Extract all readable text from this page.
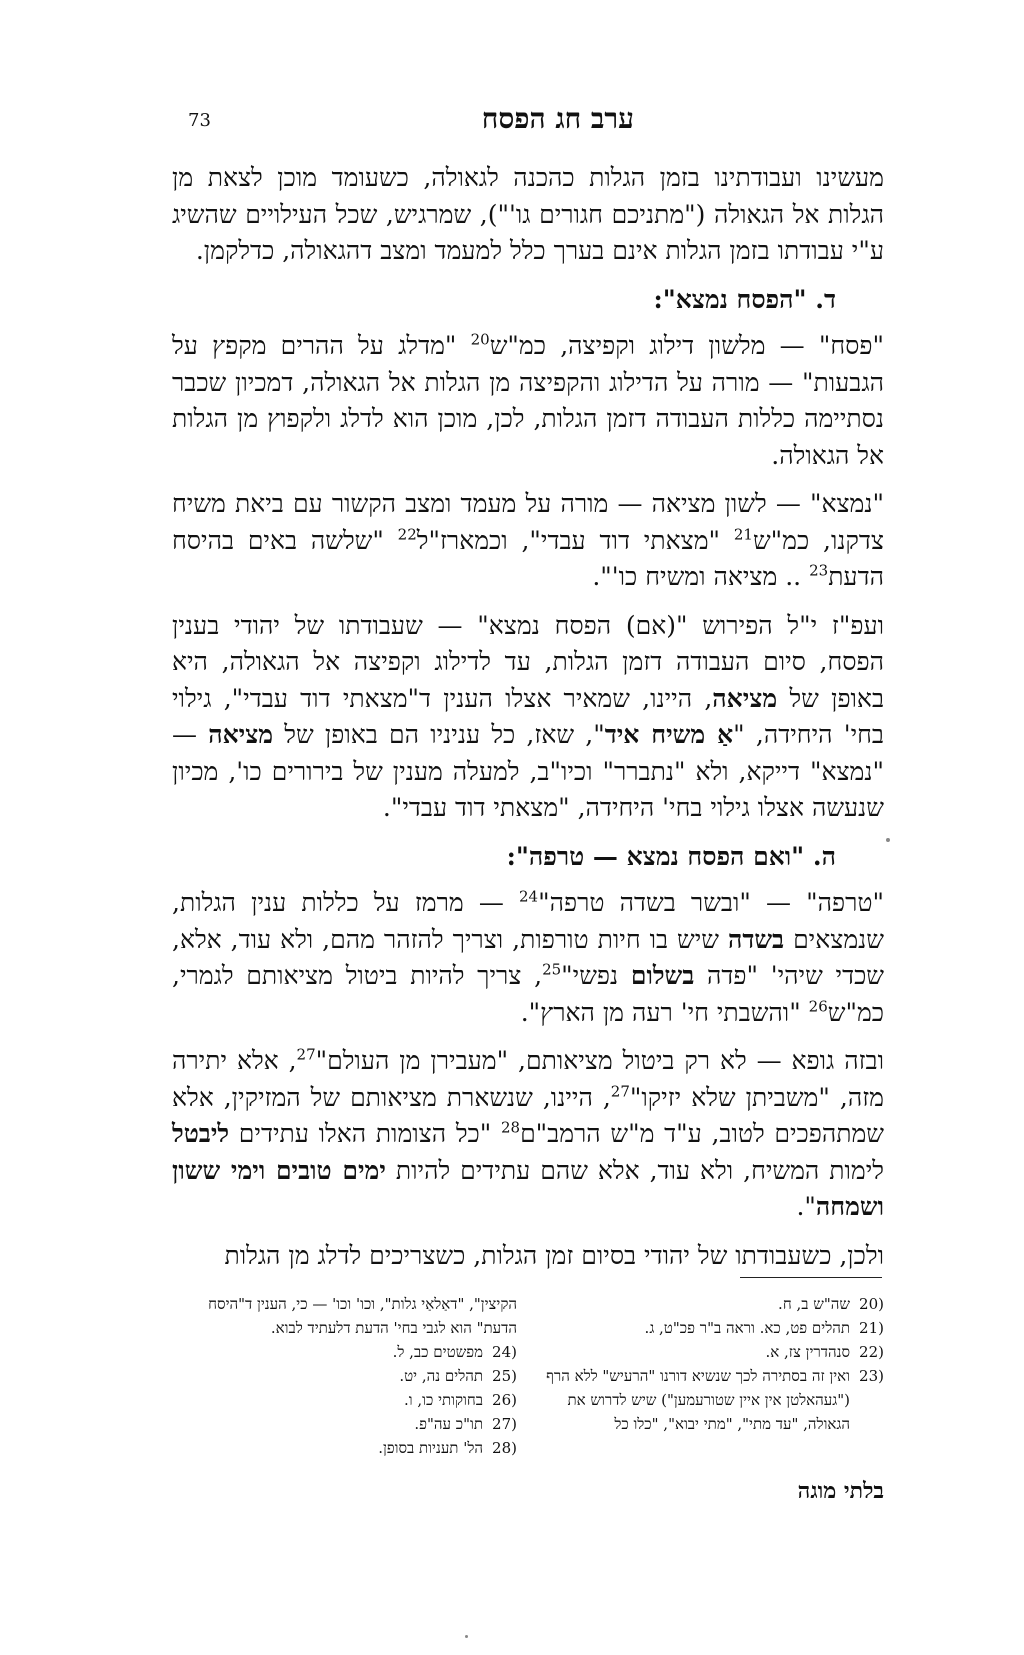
73	ערב חג הפסח

מעשינו ועבודתינו בזמן הגלות כהכנה לגאולה, כשעומד מוכן לצאת מן הגלות אל הגאולה ("מתניכם חגורים גו'"), שמרגיש, שכל העילויים שהשיג ע"י עבודתו בזמן הגלות אינם בערך כלל למעמד ומצב דהגאולה, כדלקמן.

ד. "הפסח נמצא":

"פסח" — מלשון דילוג וקפיצה, כמ"ש$^{20}$ "מדלג על ההרים מקפץ על הגבעות" — מורה על הדילוג והקפיצה מן הגלות אל הגאולה, דמכיון שכבר נסתיימה כללות העבודה דזמן הגלות, לכן, מוכן הוא לדלג ולקפוץ מן הגלות אל הגאולה.

"נמצא" — לשון מציאה — מורה על מעמד ומצב הקשור עם ביאת משיח צדקנו, כמ"ש$^{21}$ "מצאתי דוד עבדי", וכמארז"ל$^{22}$ "שלשה באים בהיסח הדעת$^{23}$ .. מציאה ומשיח כו'".

ועפ"ז י"ל הפירוש "(אם) הפסח נמצא" — שעבודתו של יהודי בענין הפסח, סיום העבודה דזמן הגלות, עד לדילוג וקפיצה אל הגאולה, היא באופן של מציאה, היינו, שמאיר אצלו הענין ד"מצאתי דוד עבדי", גילוי בחי' היחידה, "אַ משיח איד", שאז, כל עניניו הם באופן של מציאה — "נמצא" דייקא, ולא "נתברר" וכיו"ב, למעלה מענין של בירורים כו', מכיון שנעשה אצלו גילוי בחי' היחידה, "מצאתי דוד עבדי".

ה. "ואם הפסח נמצא — טרפה":

"טרפה" — "ובשר בשדה טרפה"$^{24}$ — מרמז על כללות ענין הגלות, שנמצאים בשדה שיש בו חיות טורפות, וצריך להזהר מהם, ולא עוד, אלא, שכדי שיהי' "פדה בשלום נפשי"$^{25}$, צריך להיות ביטול מציאותם לגמרי, כמ"ש$^{26}$ "והשבתי חי' רעה מן הארץ".

ובזה גופא — לא רק ביטול מציאותם, "מעבירן מן העולם"$^{27}$, אלא יתירה מזה, "משביתן שלא יזיקו"$^{27}$, היינו, שנשארת מציאותם של המזיקין, אלא שמתהפכים לטוב, ע"ד מ"ש הרמב"ם$^{28}$ "כל הצומות האלו עתידים ליבטל לימות המשיח, ולא עוד, אלא שהם עתידים להיות ימים טובים וימי ששון ושמחה".

ולכן, כשעבודתו של יהודי בסיום זמן הגלות, כשצריכים לדלג מן הגלות

(20
שה"ש ב, ח.

(21
תהלים פט, כא. וראה ב"ר פכ"ט, ג.

(22
סנהדרין צז, א.

(23
ואין זה בסתירה לכך שנשיא דורנו "הרעיש" ללא הרף ("געהאלטן אין איין שטורעמען") שיש לדרוש את הגאולה, "עד מתי", "מתי יבוא", "כלו כל

הקיצין", "דאַלאַי גלות", וכו' וכו' — כי, הענין ד"היסח הדעת" הוא לגבי בחי' הדעת דלעתיד לבוא.

(24
מפשטים כב, ל.

(25
תהלים נה, יט.

(26
בחוקותי כו, ו.

(27
תו"כ עה"פ.

(28
הל' תעניות בסופן.

בלתי מוגה
